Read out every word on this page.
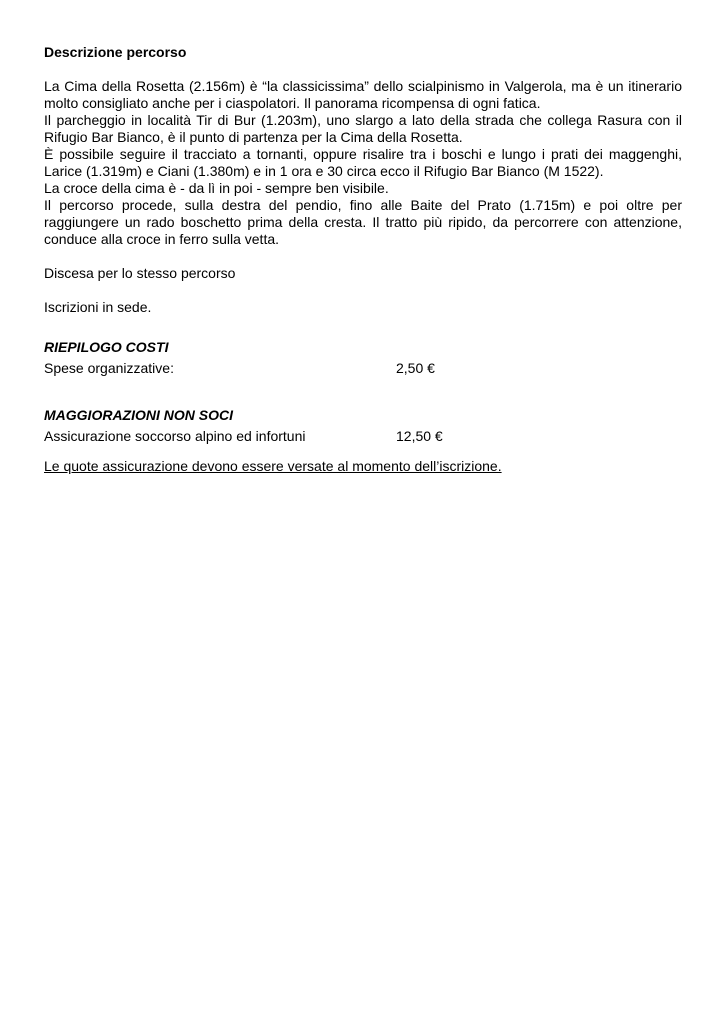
Descrizione percorso

La Cima della Rosetta (2.156m) è “la classicissima” dello scialpinismo in Valgerola, ma è un itinerario molto consigliato anche per i ciaspolatori. Il panorama ricompensa di ogni fatica.

Il parcheggio in località Tir di Bur (1.203m), uno slargo a lato della strada che collega Rasura con il Rifugio Bar Bianco, è il punto di partenza per la Cima della Rosetta.

È possibile seguire il tracciato a tornanti, oppure risalire tra i boschi e lungo i prati dei maggenghi, Larice (1.319m) e Ciani (1.380m) e in 1 ora e 30 circa ecco il Rifugio Bar Bianco (M 1522).

La croce della cima è - da lì in poi - sempre ben visibile.

Il percorso procede, sulla destra del pendio, fino alle Baite del Prato (1.715m) e poi oltre per raggiungere un rado boschetto prima della cresta. Il tratto più ripido, da percorrere con attenzione, conduce alla croce in ferro sulla vetta.

Discesa per lo stesso percorso
Iscrizioni in sede.
RIEPILOGO COSTI
Spese organizzative:	2,50 €
MAGGIORAZIONI NON SOCI
Assicurazione soccorso alpino ed infortuni	12,50 €
Le quote assicurazione devono essere versate al momento dell’iscrizione.
